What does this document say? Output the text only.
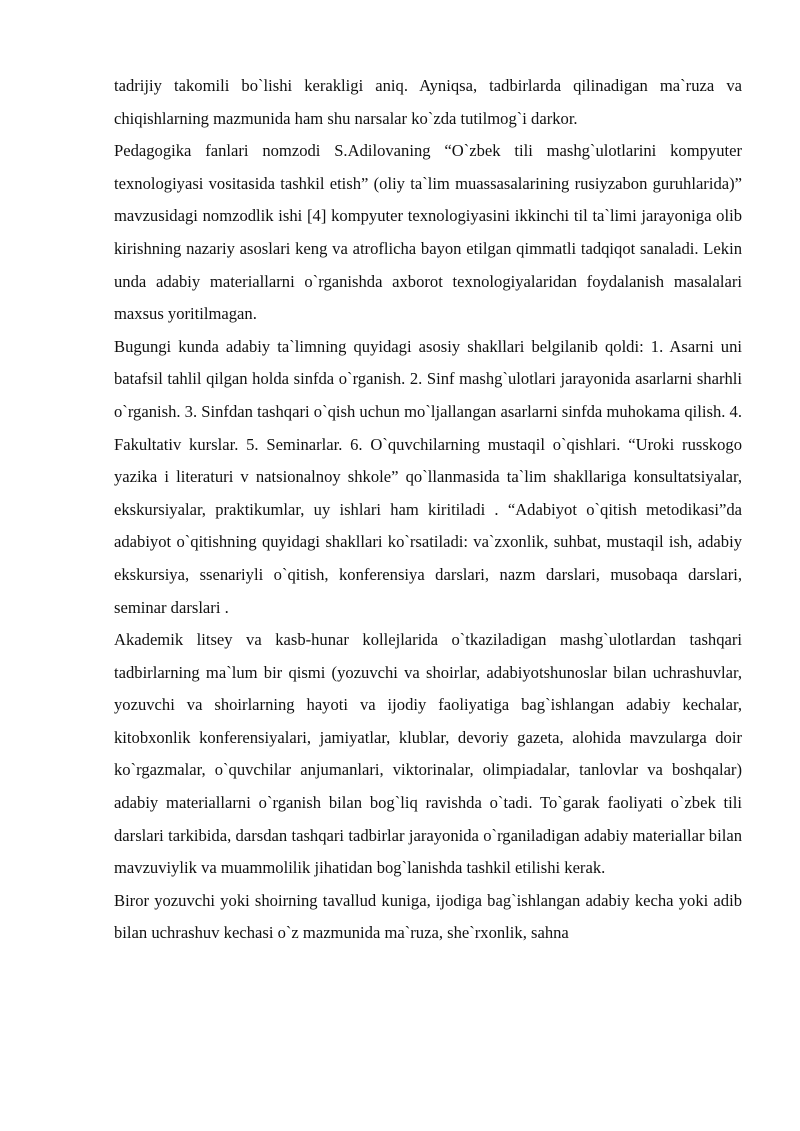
tadrijiy takomili bo`lishi kerakligi aniq. Ayniqsa, tadbirlarda qilinadigan ma`ruza va chiqishlarning mazmunida ham shu narsalar ko`zda tutilmog`i darkor.

Pedagogika fanlari nomzodi S.Adilovaning “O`zbek tili mashg`ulotlarini kompyuter texnologiyasi vositasida tashkil etish” (oliy ta`lim muassasalarining rusiyzabon guruhlarida)” mavzusidagi nomzodlik ishi [4] kompyuter texnologiyasini ikkinchi til ta`limi jarayoniga olib kirishning nazariy asoslari keng va atroflicha bayon etilgan qimmatli tadqiqot sanaladi. Lekin unda adabiy materiallarni o`rganishda axborot texnologiyalaridan foydalanish masalalari maxsus yoritilmagan.

Bugungi kunda adabiy ta`limning quyidagi asosiy shakllari belgilanib qoldi: 1. Asarni uni batafsil tahlil qilgan holda sinfda o`rganish. 2. Sinf mashg`ulotlari jarayonida asarlarni sharhli o`rganish. 3. Sinfdan tashqari o`qish uchun mo`ljallangan asarlarni sinfda muhokama qilish. 4. Fakultativ kurslar. 5. Seminarlar. 6. O`quvchilarning mustaqil o`qishlari. “Uroki russkogo yazika i literaturi v natsionalnoy shkole” qo`llanmasida ta`lim shakllariga konsultatsiyalar, ekskursiyalar, praktikumlar, uy ishlari ham kiritiladi . “Adabiyot o`qitish metodikasi”da adabiyot o`qitishning quyidagi shakllari ko`rsatiladi: va`zxonlik, suhbat, mustaqil ish, adabiy ekskursiya, ssenariyli o`qitish, konferensiya darslari, nazm darslari, musobaqa darslari, seminar darslari .

Akademik litsey va kasb-hunar kollejlarida o`tkaziladigan mashg`ulotlardan tashqari tadbirlarning ma`lum bir qismi (yozuvchi va shoirlar, adabiyotshunoslar bilan uchrashuvlar, yozuvchi va shoirlarning hayoti va ijodiy faoliyatiga bag`ishlangan adabiy kechalar, kitobxonlik konferensiyalari, jamiyatlar, klublar, devoriy gazeta, alohida mavzularga doir ko`rgazmalar, o`quvchilar anjumanlari, viktorinalar, olimpiadalar, tanlovlar va boshqalar) adabiy materiallarni o`rganish bilan bog`liq ravishda o`tadi. To`garak faoliyati o`zbek tili darslari tarkibida, darsdan tashqari tadbirlar jarayonida o`rganiladigan adabiy materiallar bilan mavzuviylik va muammolilik jihatidan bog`lanishda tashkil etilishi kerak.

Biror yozuvchi yoki shoirning tavallud kuniga, ijodiga bag`ishlangan adabiy kecha yoki adib bilan uchrashuv kechasi o`z mazmunida ma`ruza, she`rxonlik, sahna
